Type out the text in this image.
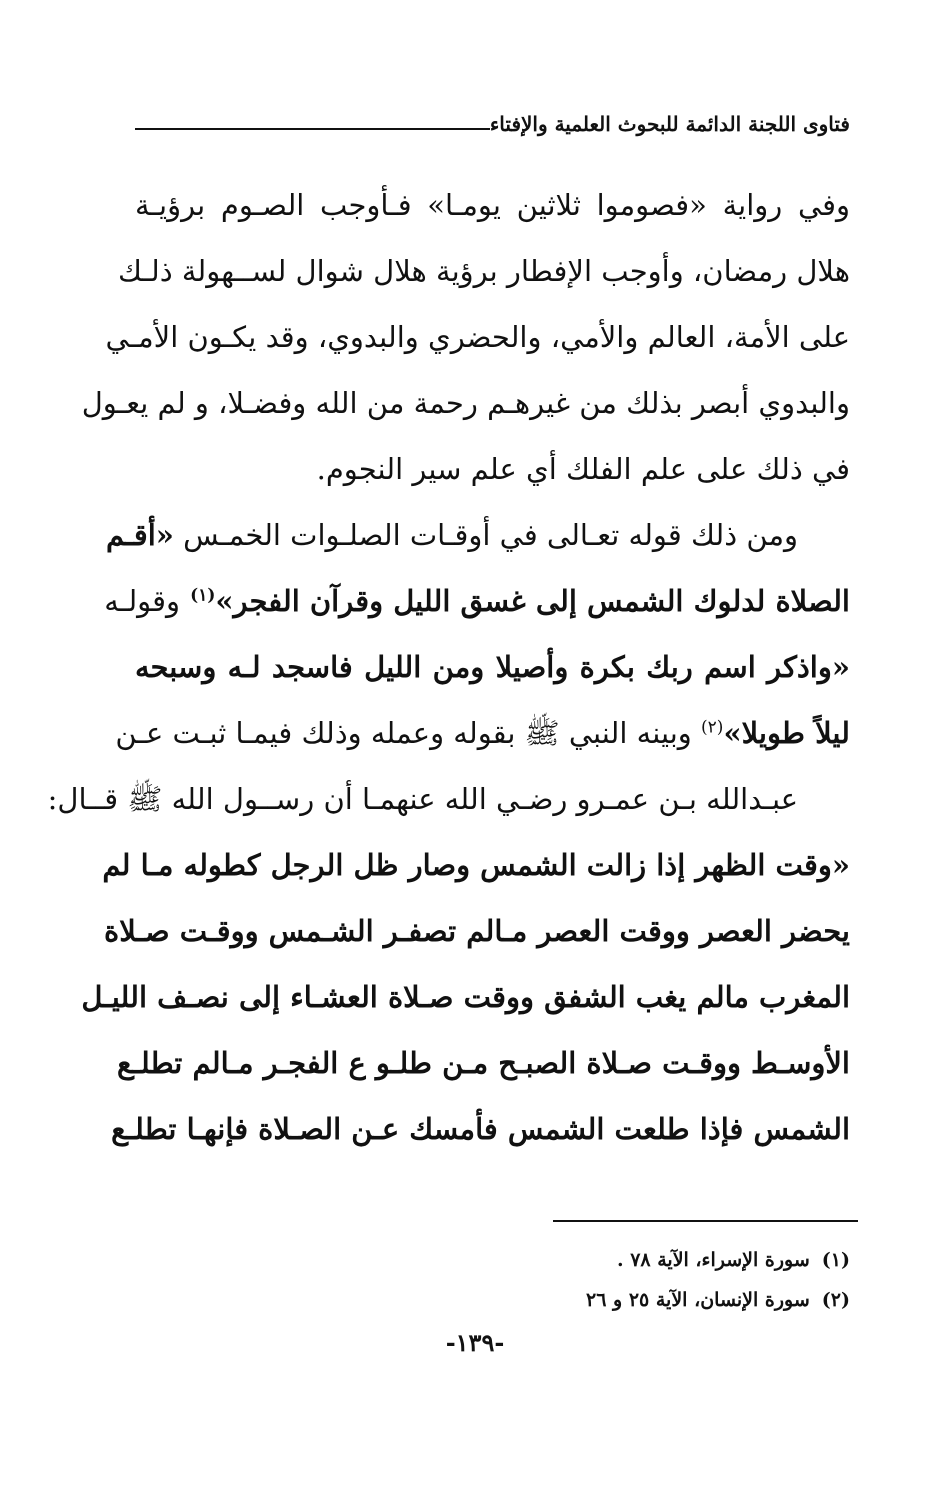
فتاوى اللجنة الدائمة للبحوث العلمية والإفتاء
وفي رواية «فصوموا ثلاثين يومـا» فـأوجب الصـوم برؤيـة
هلال رمضان، وأوجب الإفطار برؤية هلال شوال لســهولة ذلـك
على الأمة، العالم والأمي، والحضري والبدوي، وقد يكـون الأمـي
والبدوي أبصر بذلك من غيرهـم رحمة من الله وفضـلا، و لم يعـول
في ذلك على علم الفلك أي علم سير النجوم.
ومن ذلك قوله تعـالى في أوقـات الصلـوات الخمـس «أقـم
الصلاة لدلوك الشمس إلى غسق الليل وقرآن الفجر»$^{(١)}$ وقولـه
«واذكر اسم ربك بكرة وأصيلا ومن الليل فاسجد لـه وسبحه
ليلاً طويلا»$^{(٢)}$ وبينه النبي ﷺ بقوله وعمله وذلك فيمـا ثبـت عـن
عبـدالله بـن عمـرو رضـي الله عنهمـا أن رســول الله ﷺ قــال:
«وقت الظهر إذا زالت الشمس وصار ظل الرجل كطوله مـا لم
يحضر العصر ووقت العصر مـالم تصفـر الشـمس ووقـت صـلاة
المغرب مالم يغب الشفق ووقت صـلاة العشـاء إلى نصـف الليـل
الأوسـط ووقـت صـلاة الصبـح مـن طلـو ع الفجـر مـالم تطلـع
الشمس فإذا طلعت الشمس فأمسك عـن الصـلاة فإنهـا تطلـع
(١)سورة الإسراء، الآية ٧٨ .
(٢)سورة الإنسان، الآية ٢٥ و ٢٦
-١٣٩-
